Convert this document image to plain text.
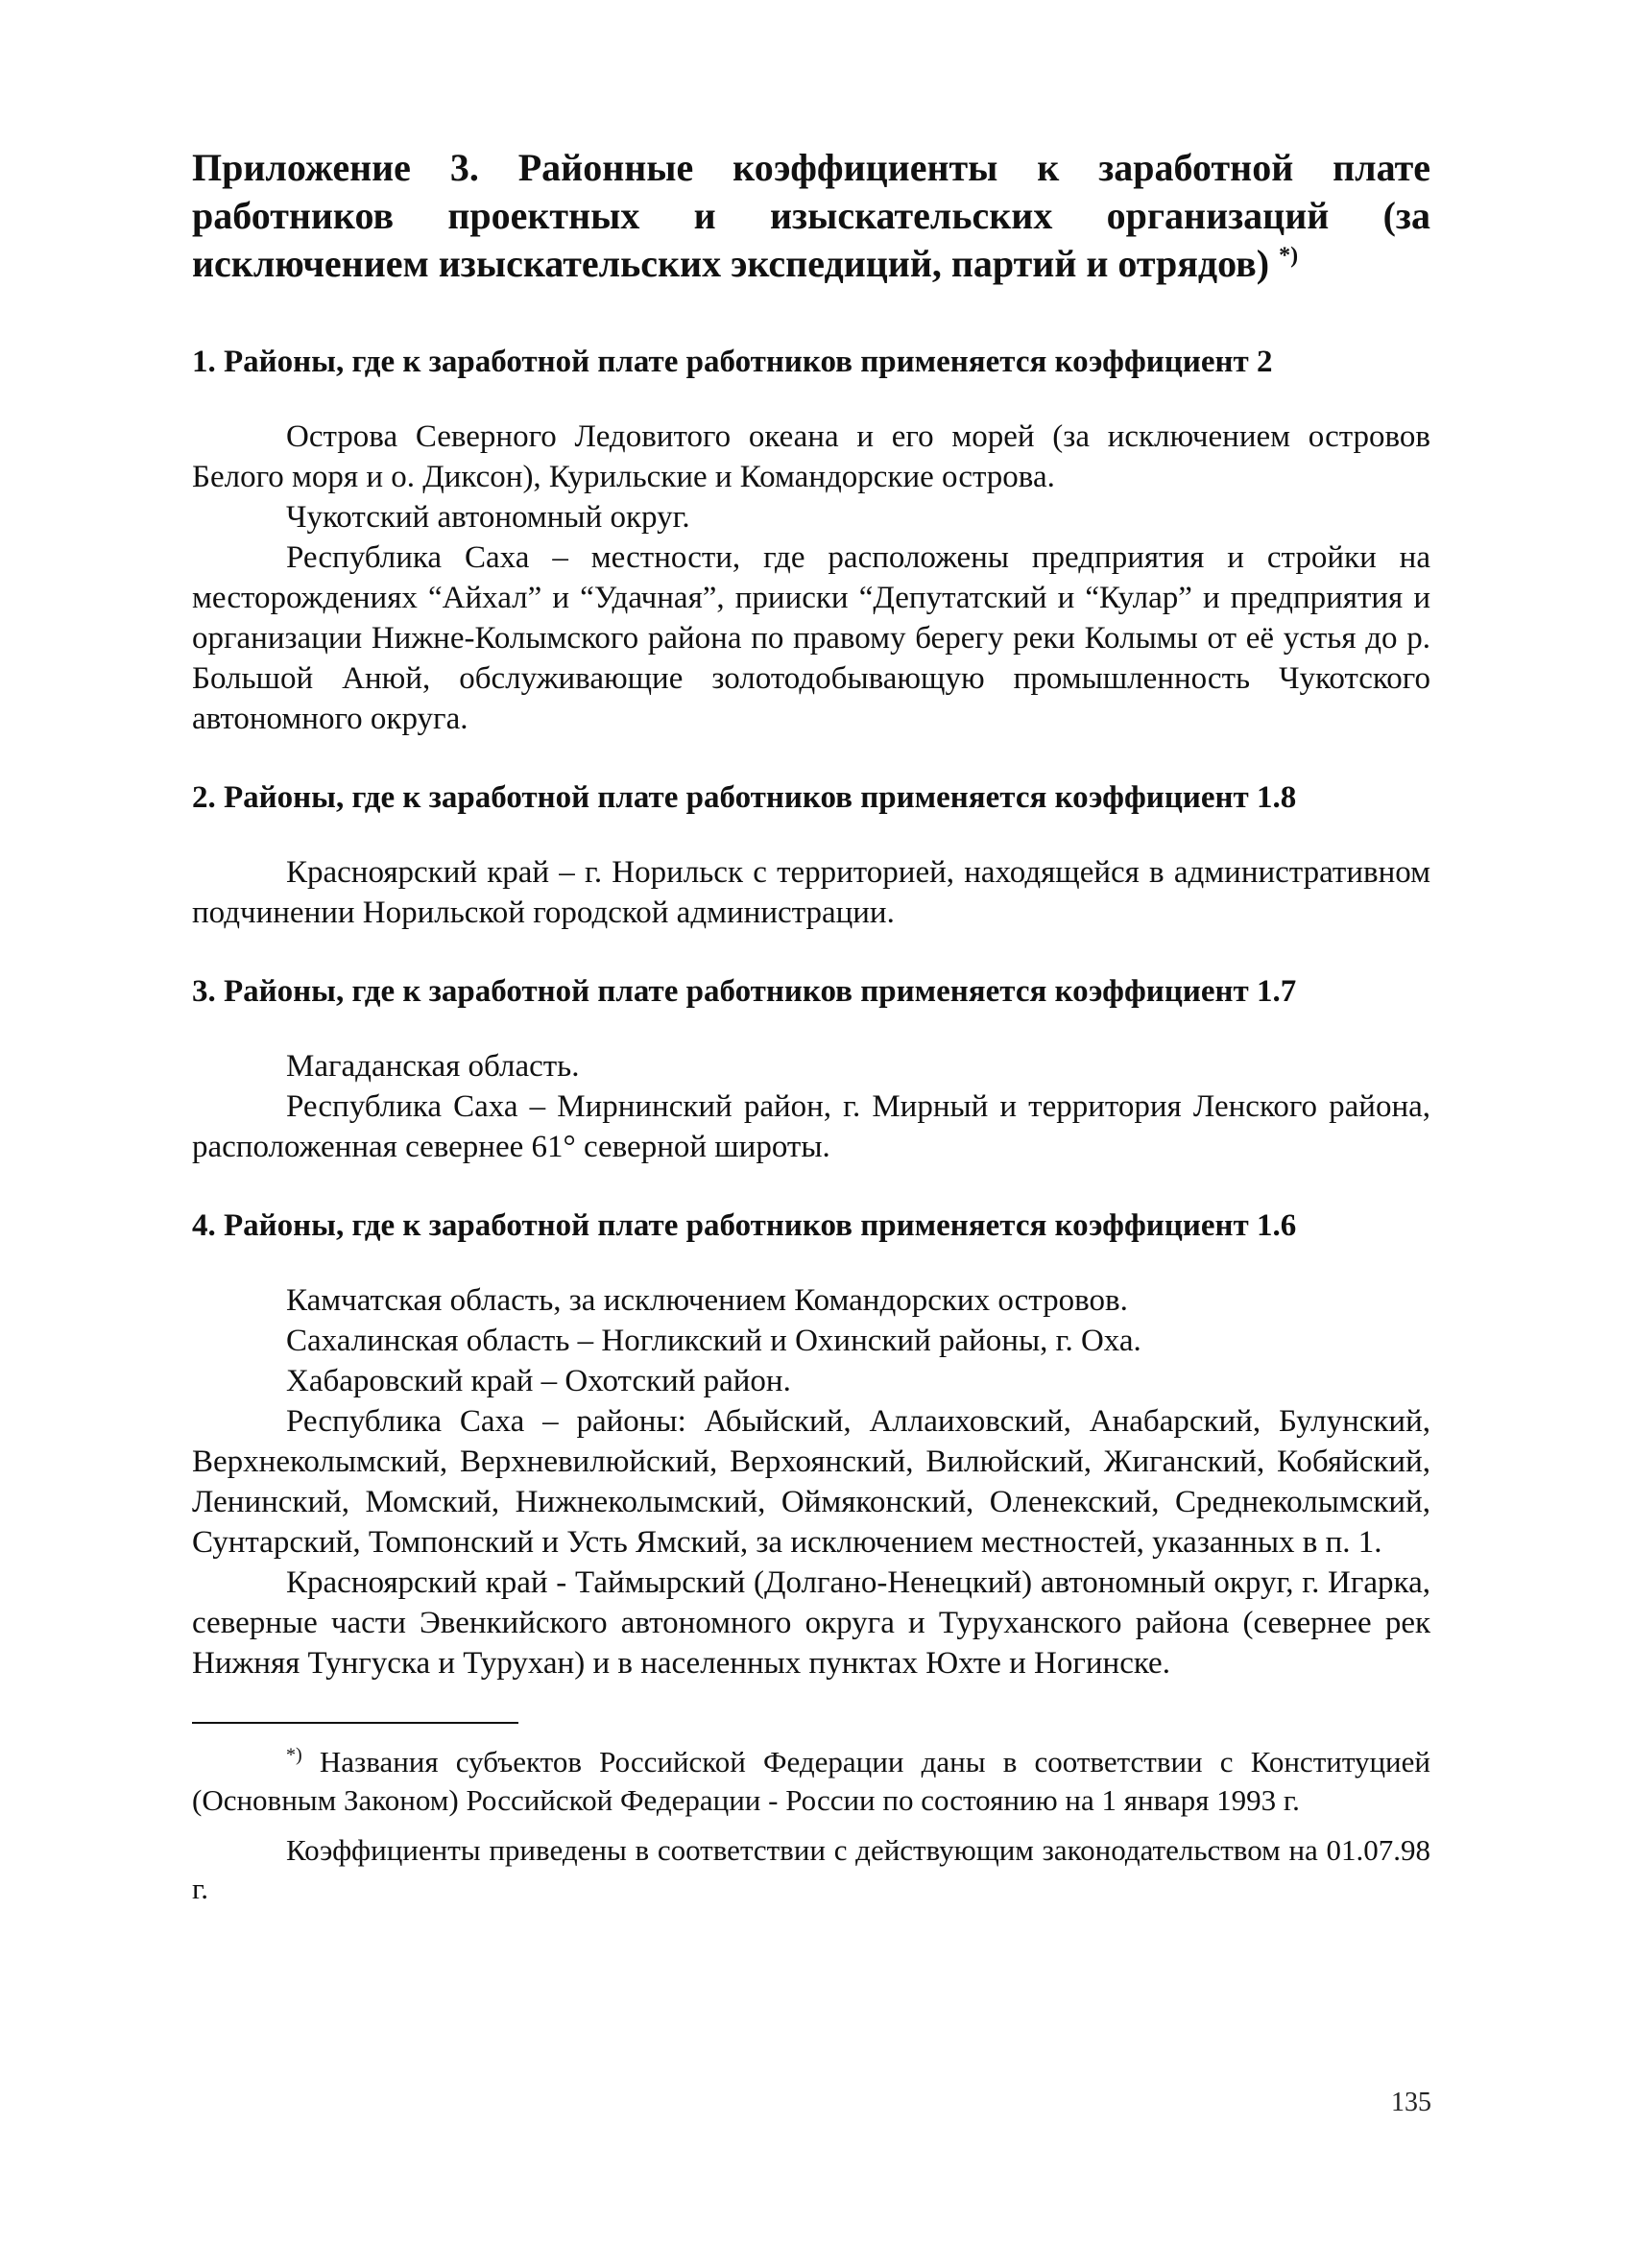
Приложение 3. Районные коэффициенты к заработной плате работников проектных и изыскательских организаций (за исключением изыскательских экспедиций, партий и отрядов) *)
1. Районы, где к заработной плате работников применяется коэффициент 2

Острова Северного Ледовитого океана и его морей (за исключением островов Белого моря и о. Диксон), Курильские и Командорские острова.

Чукотский автономный округ.

Республика Саха – местности, где расположены предприятия и стройки на месторождениях “Айхал” и “Удачная”, прииски “Депутатский и “Кулар” и предприятия и организации Нижне-Колымского района по правому берегу реки Колымы от её устья до р. Большой Анюй, обслуживающие золотодобывающую промышленность Чукотского автономного округа.

2. Районы, где к заработной плате работников применяется коэффициент 1.8

Красноярский край – г. Норильск с территорией, находящейся в административном подчинении Норильской городской администрации.

3. Районы, где к заработной плате работников применяется коэффициент 1.7

Магаданская область.

Республика Саха – Мирнинский район, г. Мирный и территория Ленского района, расположенная севернее 61° северной широты.

4. Районы, где к заработной плате работников применяется коэффициент 1.6

Камчатская область, за исключением Командорских островов.

Сахалинская область – Ногликский и Охинский районы, г. Оха.

Хабаровский край – Охотский район.

Республика Саха – районы: Абыйский, Аллаиховский, Анабарский, Булунский, Верхнеколымский, Верхневилюйский, Верхоянский, Вилюйский, Жиганский, Кобяйский, Ленинский, Момский, Нижнеколымский, Оймяконский, Оленекский, Среднеколымский, Сунтарский, Томпонский и Усть Ямский, за исключением местностей, указанных в п. 1.

Красноярский край - Таймырский (Долгано-Ненецкий) автономный округ, г. Игарка, северные части Эвенкийского автономного округа и Туруханского района (севернее рек Нижняя Тунгуска и Турухан) и в населенных пунктах Юхте и Ногинске.

*) Названия субъектов Российской Федерации даны в соответствии с Конституцией (Основным Законом) Российской Федерации - России по состоянию на 1 января 1993 г.

Коэффициенты приведены в соответствии с действующим законодательством на 01.07.98 г.

135
